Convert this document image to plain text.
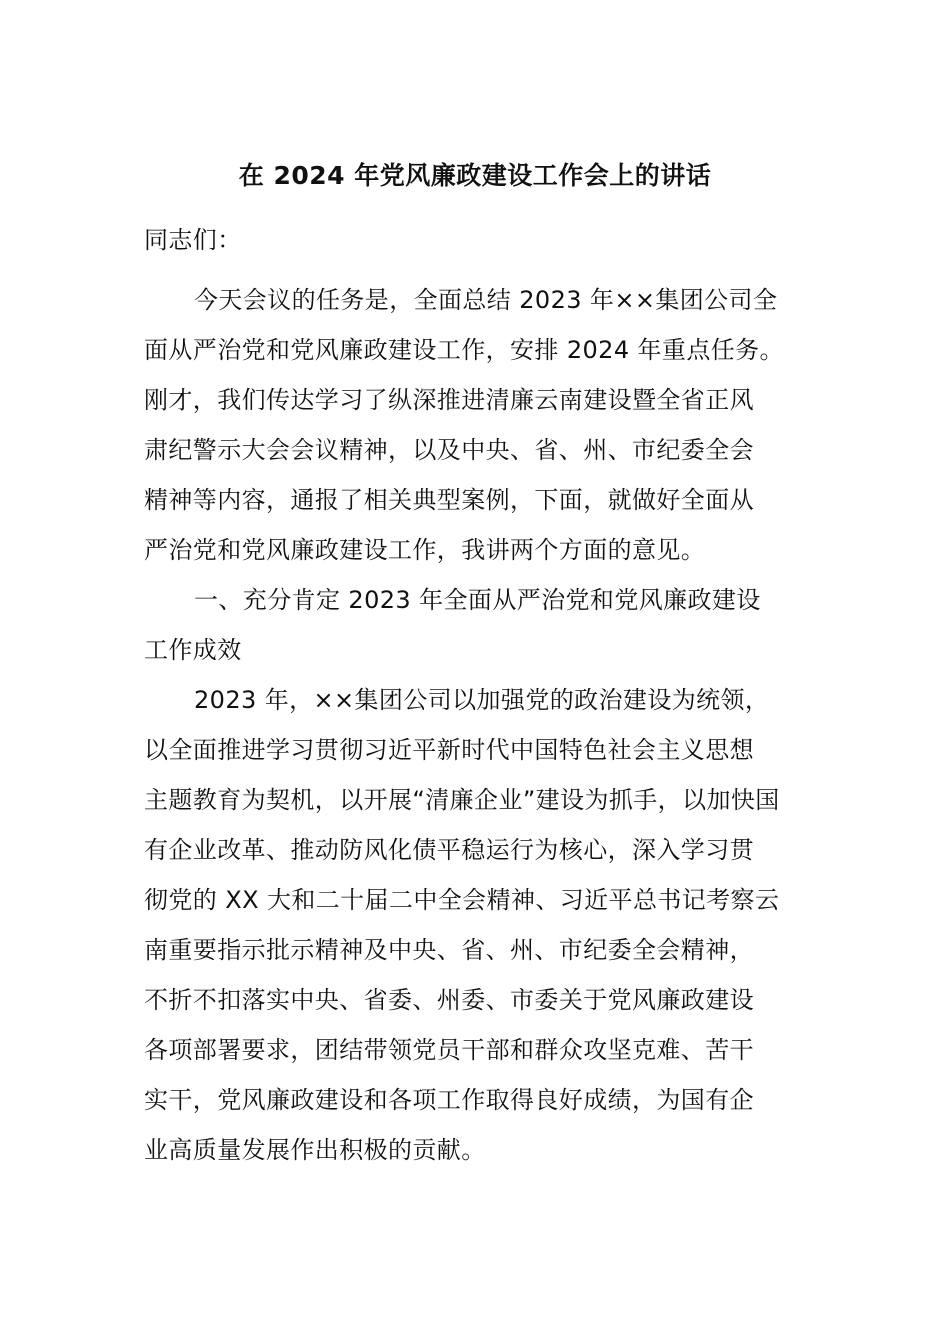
在 2024 年党风廉政建设工作会上的讲话
同志们：
今天会议的任务是，全面总结 2023 年××集团公司全
面从严治党和党风廉政建设工作，安排 2024 年重点任务。
刚才，我们传达学习了纵深推进清廉云南建设暨全省正风
肃纪警示大会会议精神，以及中央、省、州、市纪委全会
精神等内容，通报了相关典型案例，下面，就做好全面从
严治党和党风廉政建设工作，我讲两个方面的意见。
一、充分肯定 2023 年全面从严治党和党风廉政建设
工作成效
2023 年，××集团公司以加强党的政治建设为统领，
以全面推进学习贯彻习近平新时代中国特色社会主义思想
主题教育为契机，以开展“清廉企业”建设为抓手，以加快国
有企业改革、推动防风化债平稳运行为核心，深入学习贯
彻党的 XX 大和二十届二中全会精神、习近平总书记考察云
南重要指示批示精神及中央、省、州、市纪委全会精神，
不折不扣落实中央、省委、州委、市委关于党风廉政建设
各项部署要求，团结带领党员干部和群众攻坚克难、苦干
实干，党风廉政建设和各项工作取得良好成绩，为国有企
业高质量发展作出积极的贡献。
